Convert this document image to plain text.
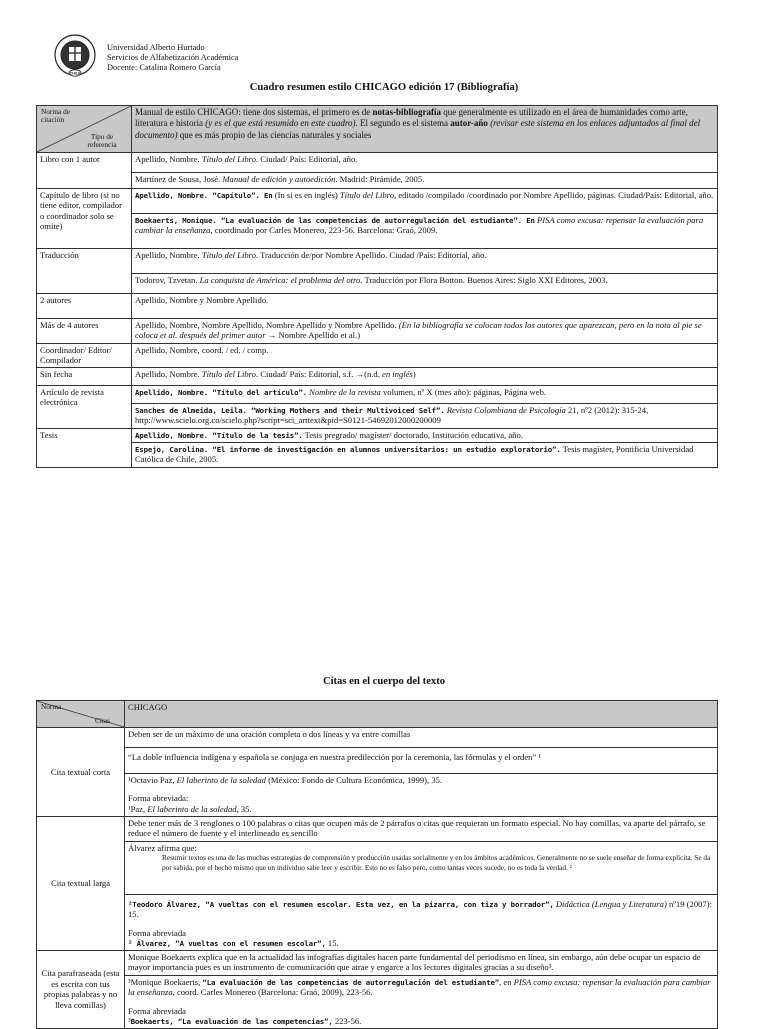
CHILE
Universidad Alberto Hurtado
Servicios de Alfabetización Académica
Docente: Catalina Romero García
Cuadro resumen estilo CHICAGO edición 17 (Bibliografía)
Norma de citación
Tipo de referencia	Manual de estilo CHICAGO: tiene dos sistemas, el primero es de notas-bibliografía que generalmente es utilizado en el área de humanidades como arte, literatura e historia (y es el que está resumido en este cuadro). El segundo es el sistema autor-año (revisar este sistema en los enlaces adjuntados al final del documento) que es más propio de las ciencias naturales y sociales
Libro con 1 autor	Apellido, Nombre. Título del Libro. Ciudad/ País: Editorial, año.
	Martínez de Sousa, José. Manual de edición y autoedición. Madrid: Pirámide, 2005.
Capítulo de libro (si no tiene editor, compilador o coordinador solo se omite)	Apellido, Nombre. “Capítulo”. En (In si es en inglés) Título del Libro, editado /compilado /coordinado por Nombre Apellido, páginas. Ciudad/País: Editorial, año.
	Boekaerts, Monique. “La evaluación de las competencias de autorregulación del estudiante”. En PISA como excusa: repensar la evaluación para cambiar la enseñanza, coordinado por Carles Monereo, 223-56. Barcelona: Graó, 2009.
Traducción	Apellido, Nombre. Título del Libro. Traducción de/por Nombre Apellido. Ciudad /País: Editorial, año.
	Todorov, Tzvetan. La conquista de América: el problema del otro. Traducción por Flora Botton. Buenos Aires: Siglo XXI Editores, 2003.
2 autores	Apellido, Nombre y Nombre Apellido.
Más de 4 autores	Apellido, Nombre, Nombre Apellido, Nombre Apellido y Nombre Apellido. (En la bibliografía se colocan todos los autores que aparezcan, pero en la nota al pie se coloca et al. después del primer autor → Nombre Apellido et al.)
Coordinador/ Editor/ Compilador	Apellido, Nombre, coord. / ed. / comp.
Sin fecha	Apellido, Nombre. Título del Libro. Ciudad/ País: Editorial, s.f. →(n.d. en inglés)
Artículo de revista electrónica	Apellido, Nombre. “Título del artículo”. Nombre de la revista volumen, nº X (mes año): páginas, Página web.
	Sanches de Almeida, Leila. “Working Mothers and their Multivoiced Self”. Revista Colombiana de Psicología 21, nº2 (2012): 315-24, http://www.scielo.org.co/scielo.php?script=sci_arttext&pid=S0121-54692012000200009
Tesis	Apellido, Nombre. “Título de la tesis”. Tesis pregrado/ magíster/ doctorado, Institución educativa, año.
	Espejo, Carolina. “El informe de investigación en alumnos universitarios: un estudio exploratorio”. Tesis magíster, Pontificia Universidad Católica de Chile, 2005.
Citas en el cuerpo del texto
Norma
Citas	CHICAGO
Cita textual corta	Deben ser de un máximo de una oración completa o dos líneas y va entre comillas
	“La doble influencia indígena y española se conjuga en nuestra predilección por la ceremonia, las fórmulas y el orden” ¹

	¹Octavio Paz, El laberinto de la soledad (México: Fondo de Cultura Económica, 1999), 35.

Forma abreviada:

¹Paz, El laberinto de la soledad, 35.

Cita textual larga	Debe tener más de 3 renglones o 100 palabras o citas que ocupen más de 2 párrafos o citas que requieran un formato especial. No hay comillas, va aparte del párrafo, se reduce el número de fuente y el interlineado es sencillo

	Álvarez afirma que:

Resumir textos es una de las muchas estrategias de comprensión y producción usadas socialmente y en los ámbitos académicos. Generalmente no se suele enseñar de forma explícita. Se da por sabida, por el hecho mismo que un individuo sabe leer y escribir. Esto no es falso pero, como tantas veces sucede, no es toda la verdad. ²

	²Teodoro Álvarez, “A vueltas con el resumen escolar. Esta vez, en la pizarra, con tiza y borrador”, Didáctica (Lengua y Literatura) nº19 (2007): 15.

Forma abreviada

² Álvarez, “A vueltas con el resumen escolar”, 15.

Cita parafraseada (esta es escrita con tus propias palabras y no lleva comillas)	Monique Boekaerts explica que en la actualidad las infografías digitales hacen parte fundamental del periodismo en línea, sin embargo, aún debe ocupar un espacio de mayor importancia pues es un instrumento de comunicación que atrae y engarce a los lectores digitales gracias a su diseño³.

	³Monique Boekaerts, “La evaluación de las competencias de autorregulación del estudiante”, en PISA como excusa: repensar la evaluación para cambiar la enseñanza, coord. Carles Monereo (Barcelona: Graó, 2009), 223-56.

Forma abreviada

³Boekaerts, “La evaluación de las competencias”, 223-56.
